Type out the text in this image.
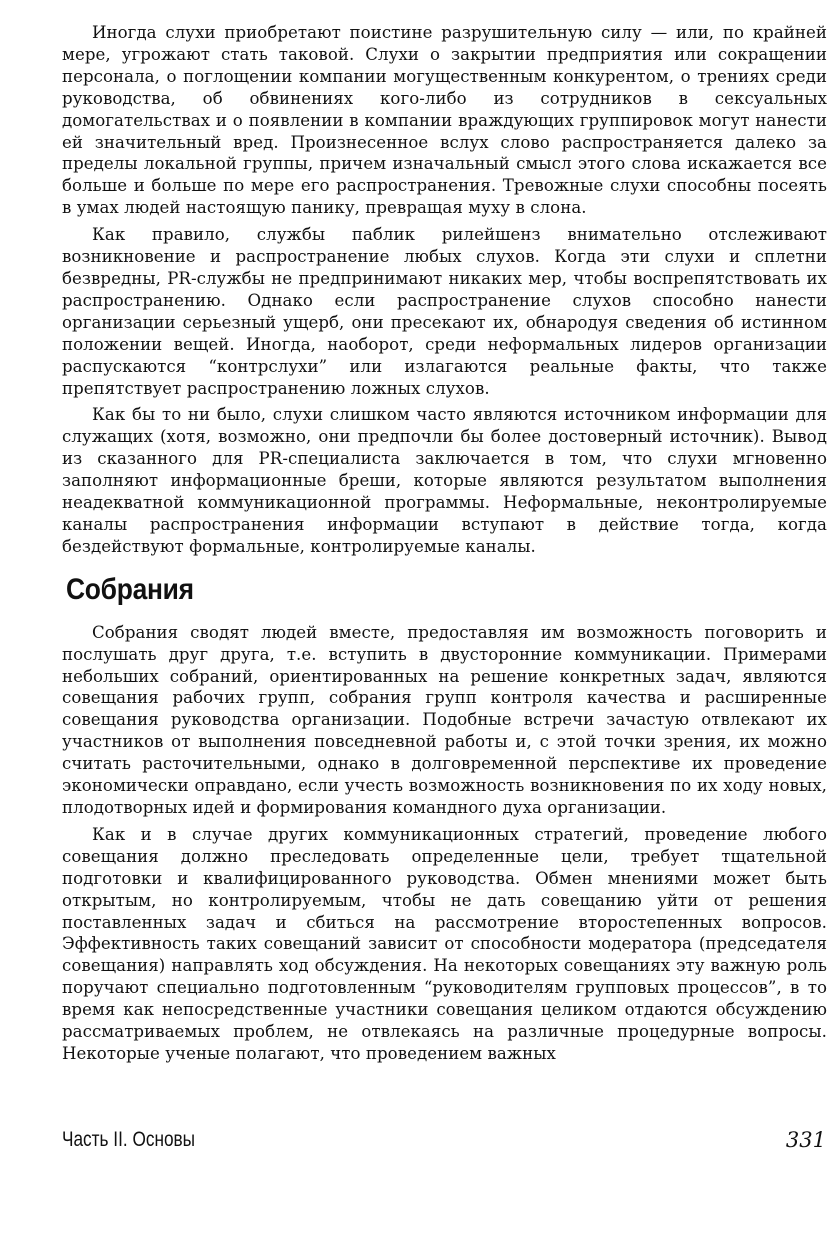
Иногда слухи приобретают поистине разрушительную силу — или, по крайней мере, угрожают стать таковой. Слухи о закрытии предприятия или сокращении персонала, о поглощении компании могущественным конкурентом, о трениях среди руководства, об обвинениях кого-либо из сотрудников в сексуальных домогательствах и о появлении в компании враждующих группировок могут нанести ей значительный вред. Произнесенное вслух слово распространяется далеко за пределы локальной группы, причем изначальный смысл этого слова искажается все больше и больше по мере его распространения. Тревожные слухи способны посеять в умах людей настоящую панику, превращая муху в слона.

Как правило, службы паблик рилейшенз внимательно отслеживают возникновение и распространение любых слухов. Когда эти слухи и сплетни безвредны, PR-службы не предпринимают никаких мер, чтобы воспрепятствовать их распространению. Однако если распространение слухов способно нанести организации серьезный ущерб, они пресекают их, обнародуя сведения об истинном положении вещей. Иногда, наоборот, среди неформальных лидеров организации распускаются “контрслухи” или излагаются реальные факты, что также препятствует распространению ложных слухов.

Как бы то ни было, слухи слишком часто являются источником информации для служащих (хотя, возможно, они предпочли бы более достоверный источник). Вывод из сказанного для PR-специалиста заключается в том, что слухи мгновенно заполняют информационные бреши, которые являются результатом выполнения неадекватной коммуникационной программы. Неформальные, неконтролируемые каналы распространения информации вступают в действие тогда, когда бездействуют формальные, контролируемые каналы.

Собрания

Собрания сводят людей вместе, предоставляя им возможность поговорить и послушать друг друга, т.е. вступить в двусторонние коммуникации. Примерами небольших собраний, ориентированных на решение конкретных задач, являются совещания рабочих групп, собрания групп контроля качества и расширенные совещания руководства организации. Подобные встречи зачастую отвлекают их участников от выполнения повседневной работы и, с этой точки зрения, их можно считать расточительными, однако в долговременной перспективе их проведение экономически оправдано, если учесть возможность возникновения по их ходу новых, плодотворных идей и формирования командного духа организации.

Как и в случае других коммуникационных стратегий, проведение любого совещания должно преследовать определенные цели, требует тщательной подготовки и квалифицированного руководства. Обмен мнениями может быть открытым, но контролируемым, чтобы не дать совещанию уйти от решения поставленных задач и сбиться на рассмотрение второстепенных вопросов. Эффективность таких совещаний зависит от способности модератора (председателя совещания) направлять ход обсуждения. На некоторых совещаниях эту важную роль поручают специально подготовленным “руководителям групповых процессов”, в то время как непосредственные участники совещания целиком отдаются обсуждению рассматриваемых проблем, не отвлекаясь на различные процедурные вопросы. Некоторые ученые полагают, что проведением важных

Часть II. Основы	331
